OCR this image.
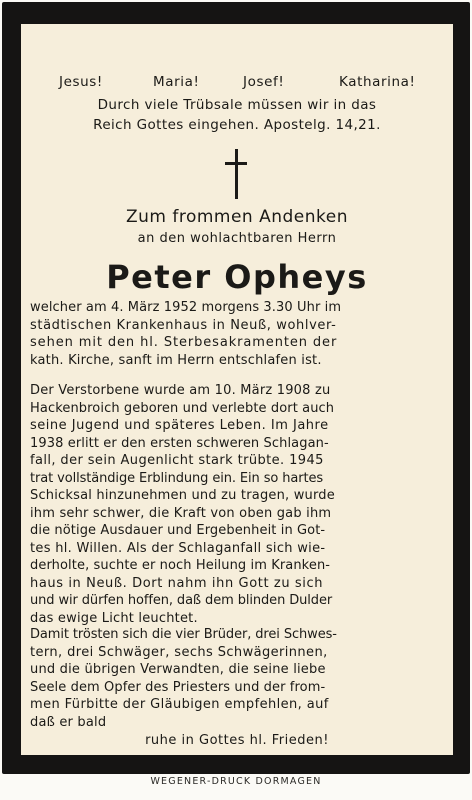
Jesus!	Maria!	Josef!	Katharina!
Durch viele Trübsale müssen wir in das
Reich Gottes eingehen. Apostelg. 14,21.
Zum frommen Andenken
an den wohlachtbaren Herrn
Peter Opheys
welcher am 4. März 1952 morgens 3.30 Uhr im
städtischen Krankenhaus in Neuß, wohlver-
sehen mit den hl. Sterbesakramenten der
kath. Kirche, sanft im Herrn entschlafen ist.
Der Verstorbene wurde am 10. März 1908 zu
Hackenbroich geboren und verlebte dort auch
seine Jugend und späteres Leben. Im Jahre
1938 erlitt er den ersten schweren Schlagan-
fall, der sein Augenlicht stark trübte. 1945
trat vollständige Erblindung ein. Ein so hartes
Schicksal hinzunehmen und zu tragen, wurde
ihm sehr schwer, die Kraft von oben gab ihm
die nötige Ausdauer und Ergebenheit in Got-
tes hl. Willen. Als der Schlaganfall sich wie-
derholte, suchte er noch Heilung im Kranken-
haus in Neuß. Dort nahm ihn Gott zu sich
und wir dürfen hoffen, daß dem blinden Dulder
das ewige Licht leuchtet.
Damit trösten sich die vier Brüder, drei Schwes-
tern, drei Schwäger, sechs Schwägerinnen,
und die übrigen Verwandten, die seine liebe
Seele dem Opfer des Priesters und der from-
men Fürbitte der Gläubigen empfehlen, auf
daß er bald
ruhe in Gottes hl. Frieden!
WEGENER-DRUCK DORMAGEN
